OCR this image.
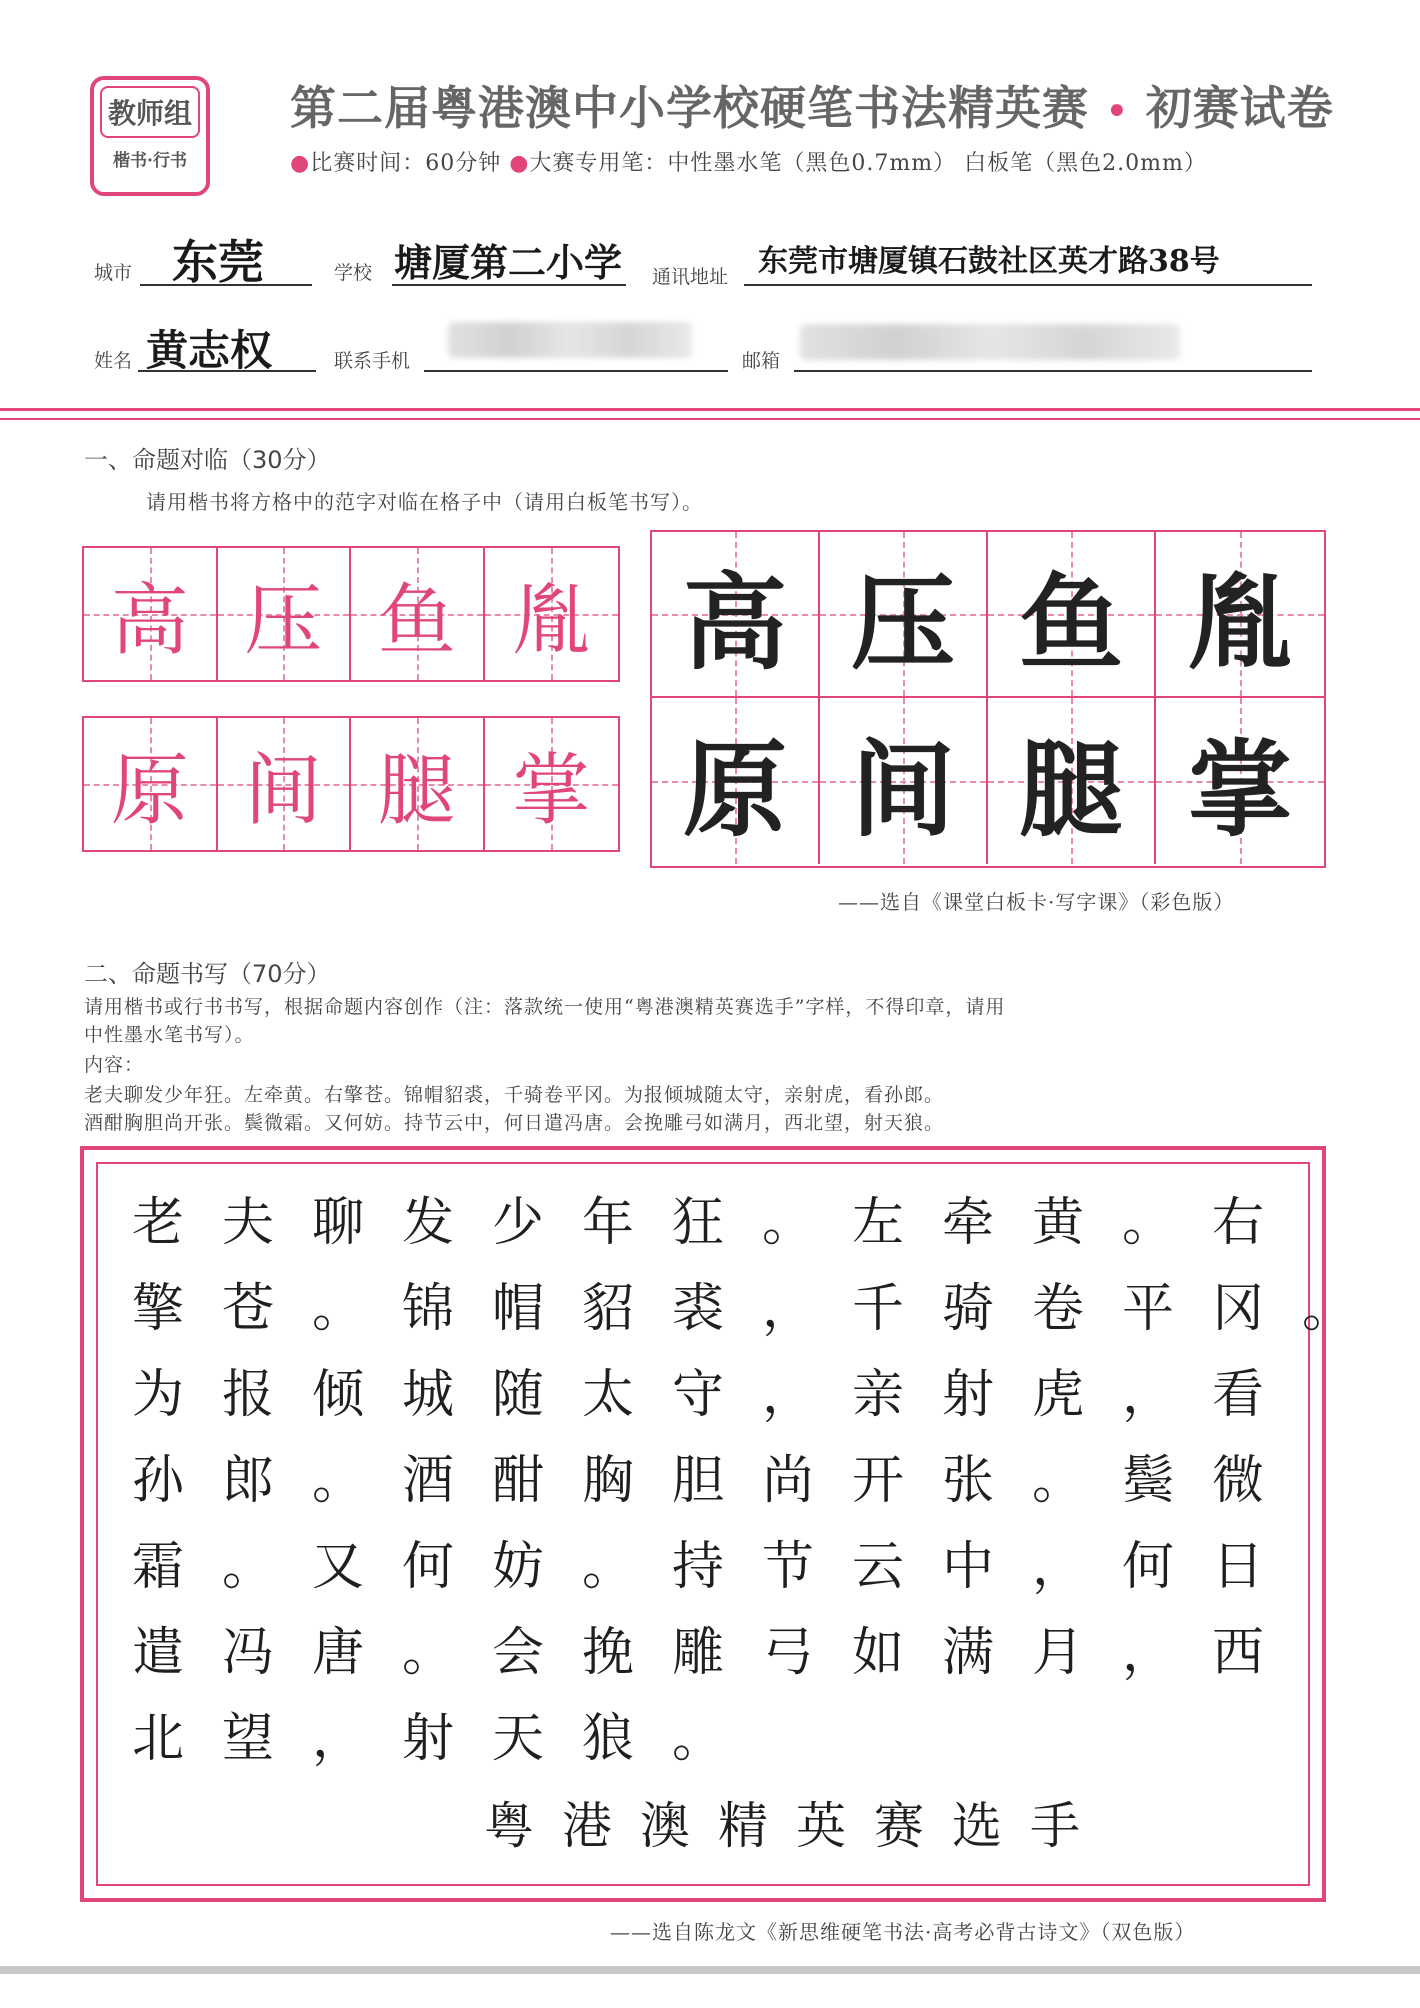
教师组
楷书·行书
第二届粤港澳中小学校硬笔书法精英赛 • 初赛试卷
●比赛时间：60分钟 ●大赛专用笔：中性墨水笔（黑色0.7mm） 白板笔（黑色2.0mm）
城市 东莞	学校 塘厦第二小学 通讯地址 东莞市塘厦镇石鼓社区英才路38号
姓名 黄志权	联系手机	邮箱
一、命题对临（30分）
请用楷书将方格中的范字对临在格子中（请用白板笔书写）。
高 压 鱼 胤
原 间 腿 掌
高 压 鱼 胤
原 间 腿 掌
——选自《课堂白板卡·写字课》（彩色版）
二、命题书写（70分）
请用楷书或行书书写，根据命题内容创作（注：落款统一使用“粤港澳精英赛选手”字样，不得印章，请用
中性墨水笔书写）。
内容：
老夫聊发少年狂。左牵黄。右擎苍。锦帽貂裘，千骑卷平冈。为报倾城随太守，亲射虎，看孙郎。
酒酣胸胆尚开张。鬓微霜。又何妨。持节云中，何日遣冯唐。会挽雕弓如满月，西北望，射天狼。
老夫聊发少年狂。左牵黄。右
擎苍。锦帽貂裘，千骑卷平冈。
为报倾城随太守，亲射虎，看
孙郎。酒酣胸胆尚开张。鬓微
霜。又何妨。持节云中，何日
遣冯唐。会挽雕弓如满月，西
北望，射天狼。
粤港澳精英赛选手
——选自陈龙文《新思维硬笔书法·高考必背古诗文》（双色版）
